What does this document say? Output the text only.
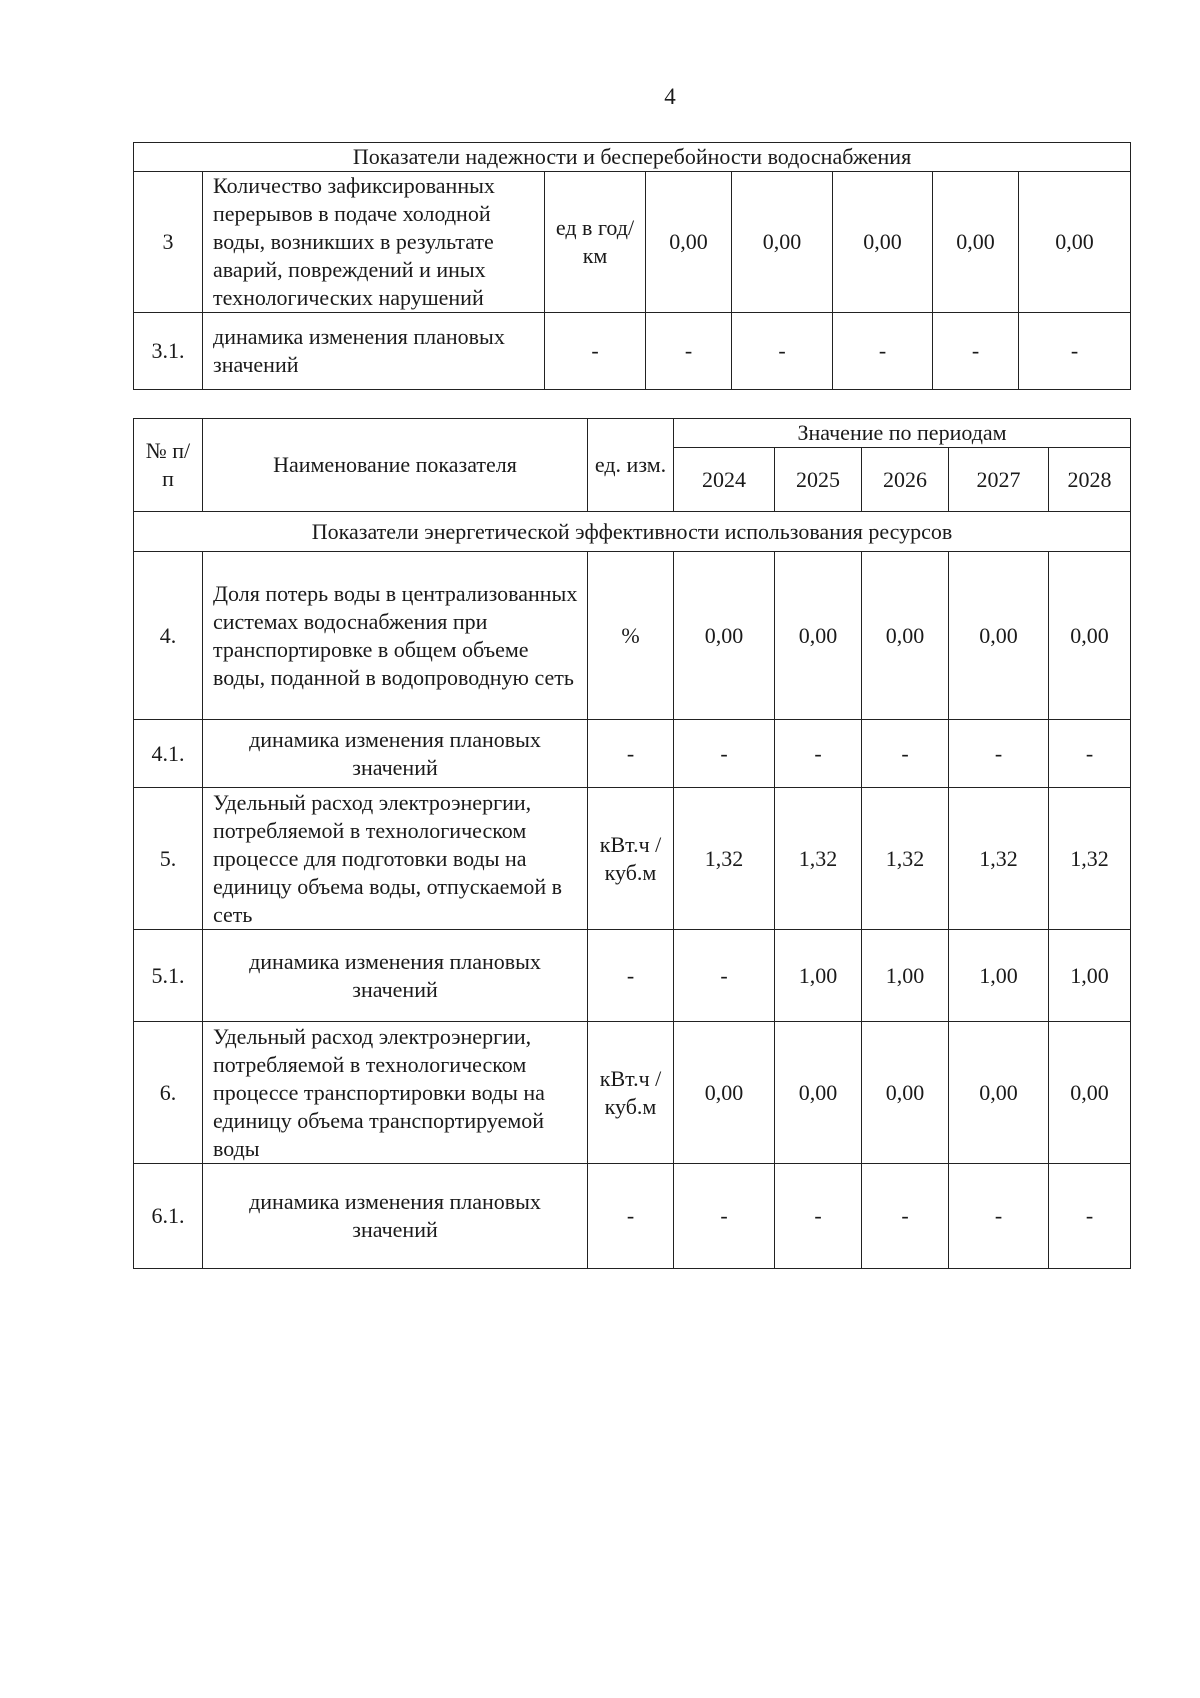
4
Показатели надежности и бесперебойности водоснабжения							
3	Количество зафиксированных перерывов в подаче холодной воды, возникших в результате аварий, повреждений и иных технологических нарушений	ед в год/ км	0,00	0,00	0,00	0,00	0,00
3.1.	динамика изменения плановых значений	-	-	-	-	-	-
№ п/п	Наименование показателя	ед. изм.	Значение по периодам				
			2024	2025	2026	2027	2028
Показатели энергетической эффективности использования ресурсов							
4.	Доля потерь воды в централизованных системах водоснабжения при транспортировке в общем объеме воды, поданной в водопроводную сеть	%	0,00	0,00	0,00	0,00	0,00
4.1.	динамика изменения плановых значений	-	-	-	-	-	-
5.	Удельный расход электроэнергии, потребляемой в технологическом процессе для подготовки воды на единицу объема воды, отпускаемой в сеть	кВт.ч / куб.м	1,32	1,32	1,32	1,32	1,32
5.1.	динамика изменения плановых значений	-	-	1,00	1,00	1,00	1,00
6.	Удельный расход электроэнергии, потребляемой в технологическом процессе транспортировки воды на единицу объема транспортируемой воды	кВт.ч / куб.м	0,00	0,00	0,00	0,00	0,00
6.1.	динамика изменения плановых значений	-	-	-	-	-	-
